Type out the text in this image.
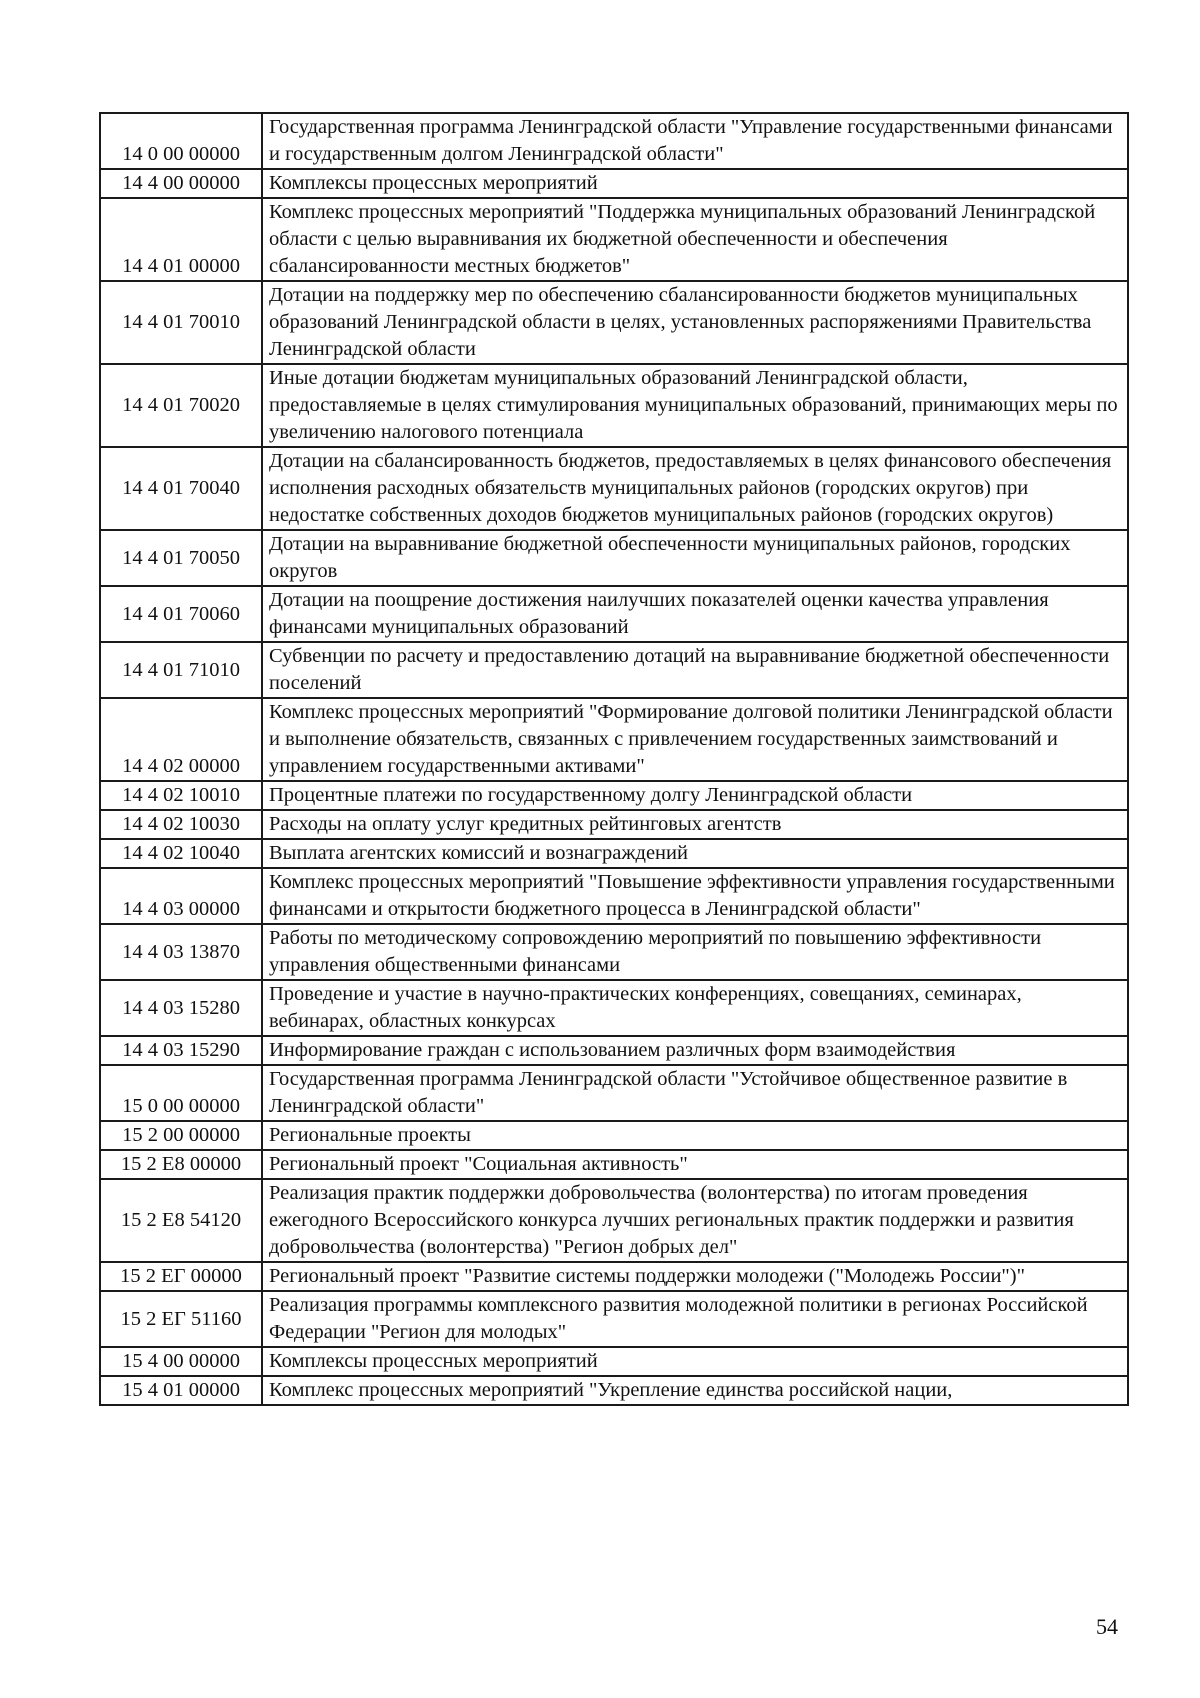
14 0 00 00000	Государственная программа Ленинградской области "Управление государственными финансами и государственным долгом Ленинградской области"
14 4 00 00000	Комплексы процессных мероприятий
14 4 01 00000	Комплекс процессных мероприятий "Поддержка муниципальных образований Ленинградской области с целью выравнивания их бюджетной обеспеченности и обеспечения сбалансированности местных бюджетов"
14 4 01 70010	Дотации на поддержку мер по обеспечению сбалансированности бюджетов муниципальных образований Ленинградской области в целях, установленных распоряжениями Правительства Ленинградской области
14 4 01 70020	Иные дотации бюджетам муниципальных образований Ленинградской области, предоставляемые в целях стимулирования муниципальных образований, принимающих меры по увеличению налогового потенциала
14 4 01 70040	Дотации на сбалансированность бюджетов, предоставляемых в целях финансового обеспечения исполнения расходных обязательств муниципальных районов (городских округов) при недостатке собственных доходов бюджетов муниципальных районов (городских округов)
14 4 01 70050	Дотации на выравнивание бюджетной обеспеченности муниципальных районов, городских округов
14 4 01 70060	Дотации на поощрение достижения наилучших показателей оценки качества управления финансами муниципальных образований
14 4 01 71010	Субвенции по расчету и предоставлению дотаций на выравнивание бюджетной обеспеченности поселений
14 4 02 00000	Комплекс процессных мероприятий "Формирование долговой политики Ленинградской области и выполнение обязательств, связанных с привлечением государственных заимствований и управлением государственными активами"
14 4 02 10010	Процентные платежи по государственному долгу Ленинградской области
14 4 02 10030	Расходы на оплату услуг кредитных рейтинговых агентств
14 4 02 10040	Выплата агентских комиссий и вознаграждений
14 4 03 00000	Комплекс процессных мероприятий "Повышение эффективности управления государственными финансами и открытости бюджетного процесса в Ленинградской области"
14 4 03 13870	Работы по методическому сопровождению мероприятий по повышению эффективности управления общественными финансами
14 4 03 15280	Проведение и участие в научно-практических конференциях, совещаниях, семинарах, вебинарах, областных конкурсах
14 4 03 15290	Информирование граждан с использованием различных форм взаимодействия
15 0 00 00000	Государственная программа Ленинградской области "Устойчивое общественное развитие в Ленинградской области"
15 2 00 00000	Региональные проекты
15 2 Е8 00000	Региональный проект "Социальная активность"
15 2 Е8 54120	Реализация практик поддержки добровольчества (волонтерства) по итогам проведения ежегодного Всероссийского конкурса лучших региональных практик поддержки и развития добровольчества (волонтерства) "Регион добрых дел"
15 2 ЕГ 00000	Региональный проект "Развитие системы поддержки молодежи ("Молодежь России")"
15 2 ЕГ 51160	Реализация программы комплексного развития молодежной политики в регионах Российской Федерации "Регион для молодых"
15 4 00 00000	Комплексы процессных мероприятий
15 4 01 00000	Комплекс процессных мероприятий "Укрепление единства российской нации,
54
